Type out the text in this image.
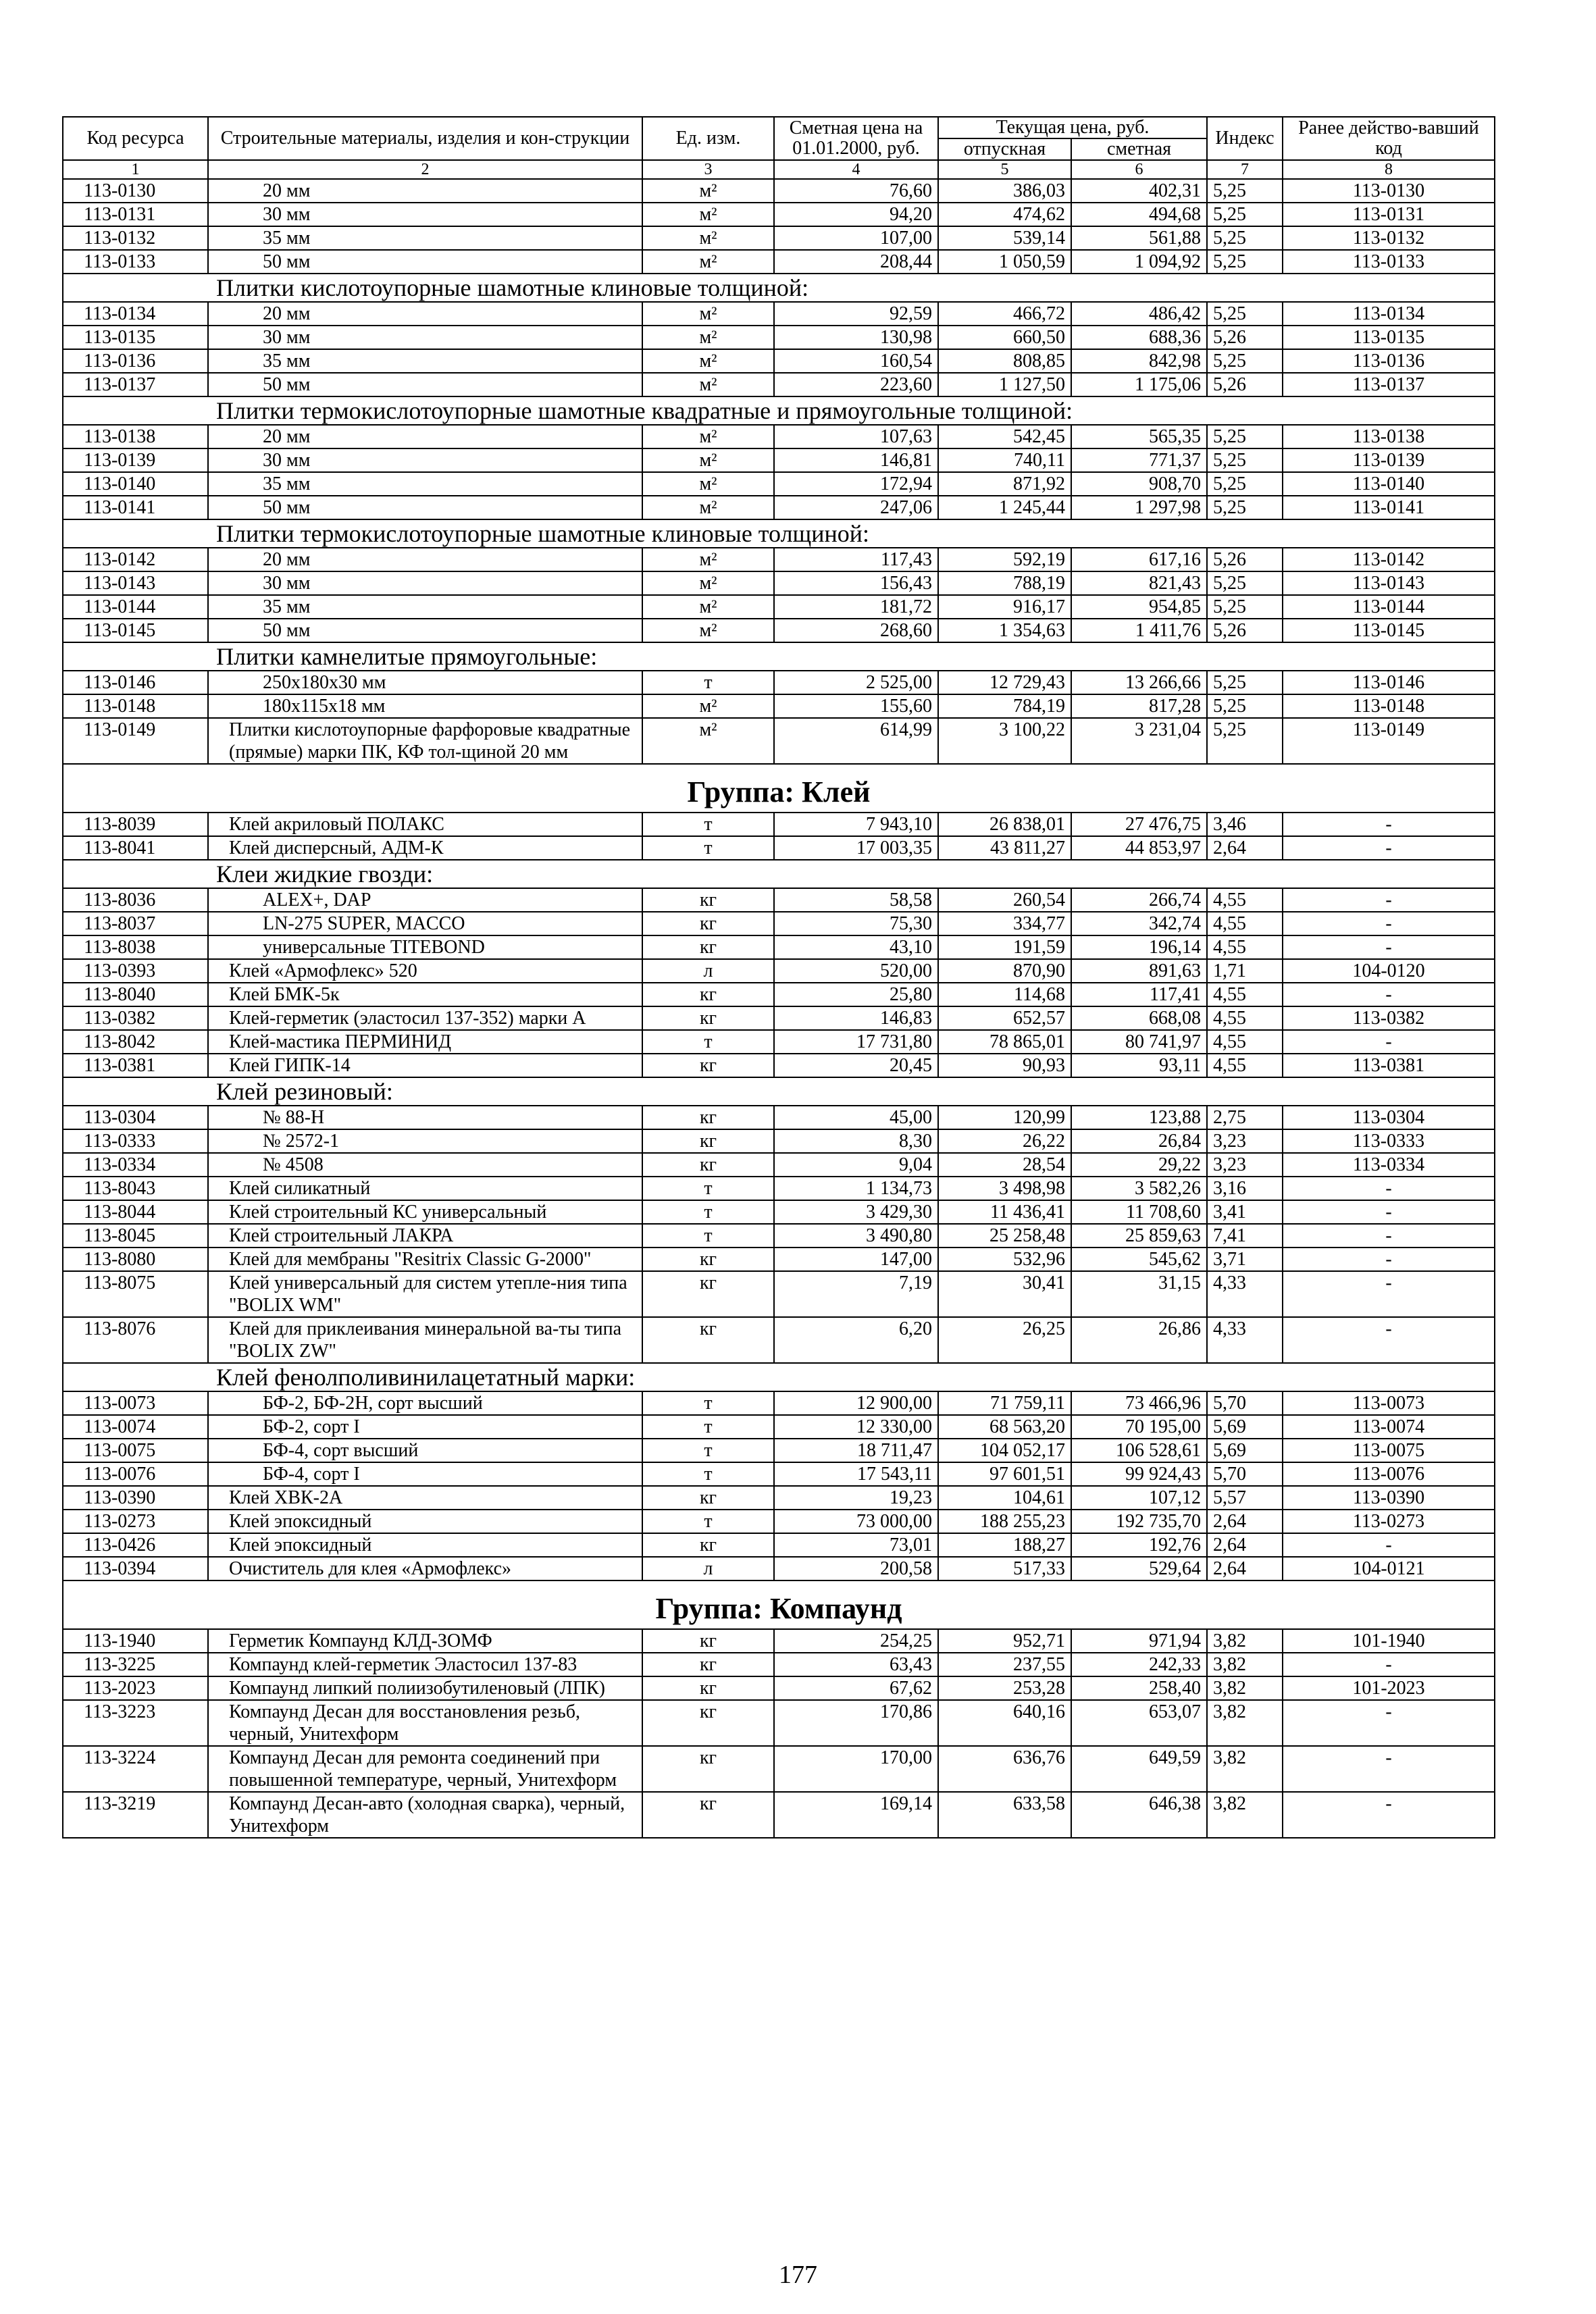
Код ресурса	Строительные материалы, изделия и кон-струкции	Ед. изм.	Сметная цена на 01.01.2000, руб.	Текущая цена, руб.		Индекс	Ранее действо-вавший код
				отпускная	сметная		
1	2	3	4	5	6	7	8
113-0130	20 мм	м²	76,60	386,03	402,31	5,25	113-0130
113-0131	30 мм	м²	94,20	474,62	494,68	5,25	113-0131
113-0132	35 мм	м²	107,00	539,14	561,88	5,25	113-0132
113-0133	50 мм	м²	208,44	1 050,59	1 094,92	5,25	113-0133
Плитки кислотоупорные шамотные клиновые толщиной:							
113-0134	20 мм	м²	92,59	466,72	486,42	5,25	113-0134
113-0135	30 мм	м²	130,98	660,50	688,36	5,26	113-0135
113-0136	35 мм	м²	160,54	808,85	842,98	5,25	113-0136
113-0137	50 мм	м²	223,60	1 127,50	1 175,06	5,26	113-0137
Плитки термокислотоупорные шамотные квадратные и прямоугольные толщиной:							
113-0138	20 мм	м²	107,63	542,45	565,35	5,25	113-0138
113-0139	30 мм	м²	146,81	740,11	771,37	5,25	113-0139
113-0140	35 мм	м²	172,94	871,92	908,70	5,25	113-0140
113-0141	50 мм	м²	247,06	1 245,44	1 297,98	5,25	113-0141
Плитки термокислотоупорные шамотные клиновые толщиной:							
113-0142	20 мм	м²	117,43	592,19	617,16	5,26	113-0142
113-0143	30 мм	м²	156,43	788,19	821,43	5,25	113-0143
113-0144	35 мм	м²	181,72	916,17	954,85	5,25	113-0144
113-0145	50 мм	м²	268,60	1 354,63	1 411,76	5,26	113-0145
Плитки камнелитые прямоугольные:							
113-0146	250x180x30 мм	т	2 525,00	12 729,43	13 266,66	5,25	113-0146
113-0148	180x115x18 мм	м²	155,60	784,19	817,28	5,25	113-0148
113-0149	Плитки кислотоупорные фарфоровые квадратные (прямые) марки ПК, КФ тол-щиной 20 мм	м²	614,99	3 100,22	3 231,04	5,25	113-0149
Группа: Клей							
113-8039	Клей акриловый ПОЛАКС	т	7 943,10	26 838,01	27 476,75	3,46	-
113-8041	Клей дисперсный, АДМ-К	т	17 003,35	43 811,27	44 853,97	2,64	-
Клеи жидкие гвозди:							
113-8036	ALEX+, DAP	кг	58,58	260,54	266,74	4,55	-
113-8037	LN-275 SUPER, MACCO	кг	75,30	334,77	342,74	4,55	-
113-8038	универсальные TITEBOND	кг	43,10	191,59	196,14	4,55	-
113-0393	Клей «Армофлекс» 520	л	520,00	870,90	891,63	1,71	104-0120
113-8040	Клей БМК-5к	кг	25,80	114,68	117,41	4,55	-
113-0382	Клей-герметик (эластосил 137-352) марки А	кг	146,83	652,57	668,08	4,55	113-0382
113-8042	Клей-мастика ПЕРМИНИД	т	17 731,80	78 865,01	80 741,97	4,55	-
113-0381	Клей ГИПК-14	кг	20,45	90,93	93,11	4,55	113-0381
Клей резиновый:							
113-0304	№ 88-Н	кг	45,00	120,99	123,88	2,75	113-0304
113-0333	№ 2572-1	кг	8,30	26,22	26,84	3,23	113-0333
113-0334	№ 4508	кг	9,04	28,54	29,22	3,23	113-0334
113-8043	Клей силикатный	т	1 134,73	3 498,98	3 582,26	3,16	-
113-8044	Клей строительный КС универсальный	т	3 429,30	11 436,41	11 708,60	3,41	-
113-8045	Клей строительный ЛАКРА	т	3 490,80	25 258,48	25 859,63	7,41	-
113-8080	Клей для мембраны "Resitrix Classic G-2000"	кг	147,00	532,96	545,62	3,71	-
113-8075	Клей универсальный для систем утепле-ния типа "BOLIX WM"	кг	7,19	30,41	31,15	4,33	-
113-8076	Клей для приклеивания минеральной ва-ты типа "BOLIX ZW"	кг	6,20	26,25	26,86	4,33	-
Клей фенолполивинилацетатный марки:							
113-0073	БФ-2, БФ-2Н, сорт высший	т	12 900,00	71 759,11	73 466,96	5,70	113-0073
113-0074	БФ-2, сорт I	т	12 330,00	68 563,20	70 195,00	5,69	113-0074
113-0075	БФ-4, сорт высший	т	18 711,47	104 052,17	106 528,61	5,69	113-0075
113-0076	БФ-4, сорт I	т	17 543,11	97 601,51	99 924,43	5,70	113-0076
113-0390	Клей ХВК-2А	кг	19,23	104,61	107,12	5,57	113-0390
113-0273	Клей эпоксидный	т	73 000,00	188 255,23	192 735,70	2,64	113-0273
113-0426	Клей эпоксидный	кг	73,01	188,27	192,76	2,64	-
113-0394	Очиститель для клея «Армофлекс»	л	200,58	517,33	529,64	2,64	104-0121
Группа: Компаунд							
113-1940	Герметик Компаунд КЛД-ЗОМФ	кг	254,25	952,71	971,94	3,82	101-1940
113-3225	Компаунд клей-герметик Эластосил 137-83	кг	63,43	237,55	242,33	3,82	-
113-2023	Компаунд липкий полиизобутиленовый (ЛПК)	кг	67,62	253,28	258,40	3,82	101-2023
113-3223	Компаунд Десан для восстановления резьб, черный, Унитехформ	кг	170,86	640,16	653,07	3,82	-
113-3224	Компаунд Десан для ремонта соединений при повышенной температуре, черный, Унитехформ	кг	170,00	636,76	649,59	3,82	-
113-3219	Компаунд Десан-авто (холодная сварка), черный, Унитехформ	кг	169,14	633,58	646,38	3,82	-
177
